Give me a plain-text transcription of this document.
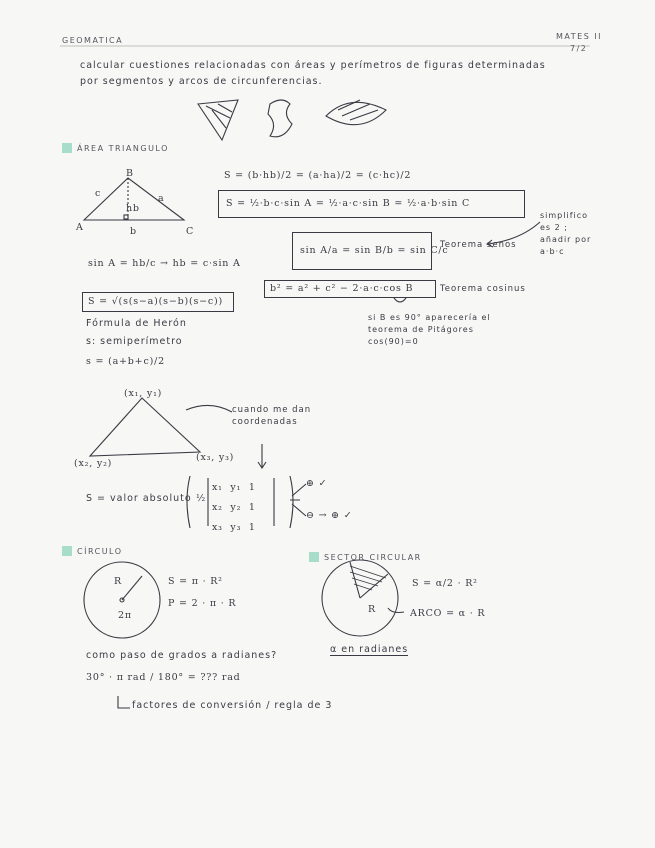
GEOMATICA	MATES II
7/2
calcular cuestiones relacionadas con áreas y perímetros de figuras determinadas
por segmentos y arcos de circunferencias.
ÁREA TRIANGULO
B
c	a
hb
A	b	C
S = (b·hb)/2 = (a·ha)/2 = (c·hc)/2
S = ½·b·c·sin A = ½·a·c·sin B = ½·a·b·sin C
simplifico es 2 ; añadir por a·b·c
sin A/a = sin B/b = sin C/c
Teorema senos
sin A = hb/c → hb = c·sin A
b² = a² + c² − 2·a·c·cos B	Teorema cosinus
si B es 90° aparecería el teorema de Pitágores cos(90)=0
S = √(s(s−a)(s−b)(s−c))
Fórmula de Herón
s: semiperímetro
s = (a+b+c)/2
(x₁, y₁)
(x₂, y₂)
(x₃, y₃)
cuando me dan coordenadas
S = valor absoluto ½
x₁ y₁ 1
x₂ y₂ 1
x₃ y₃ 1
⊕ ✓
⊖ → ⊕ ✓
CÍRCULO
R
2π
S = π · R²
P = 2 · π · R
SECTOR CIRCULAR
R
S = α/2 · R²
ARCO = α · R
α en radianes
como paso de grados a radianes?
30° · π rad / 180° = ??? rad
factores de conversión / regla de 3
